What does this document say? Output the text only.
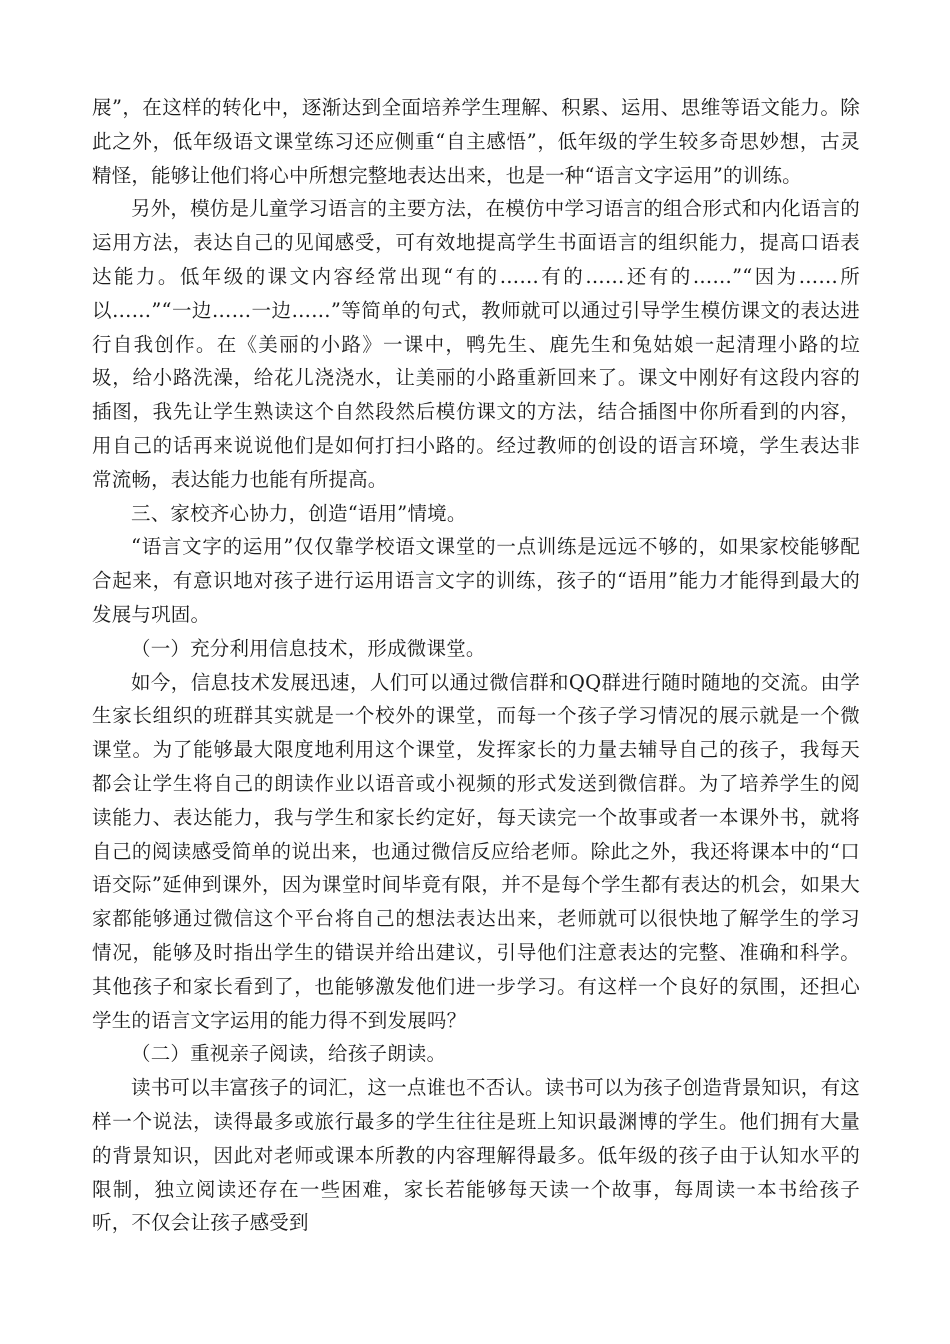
展”，在这样的转化中，逐渐达到全面培养学生理解、积累、运用、思维等语文能力。除此之外，低年级语文课堂练习还应侧重“自主感悟”，低年级的学生较多奇思妙想，古灵精怪，能够让他们将心中所想完整地表达出来，也是一种“语言文字运用”的训练。

另外，模仿是儿童学习语言的主要方法，在模仿中学习语言的组合形式和内化语言的运用方法，表达自己的见闻感受，可有效地提高学生书面语言的组织能力，提高口语表达能力。低年级的课文内容经常出现“有的……有的……还有的……”“因为……所以……”“一边……一边……”等简单的句式，教师就可以通过引导学生模仿课文的表达进行自我创作。在《美丽的小路》一课中，鸭先生、鹿先生和兔姑娘一起清理小路的垃圾，给小路洗澡，给花儿浇浇水，让美丽的小路重新回来了。课文中刚好有这段内容的插图，我先让学生熟读这个自然段然后模仿课文的方法，结合插图中你所看到的内容，用自己的话再来说说他们是如何打扫小路的。经过教师的创设的语言环境，学生表达非常流畅，表达能力也能有所提高。

三、家校齐心协力，创造“语用”情境。

“语言文字的运用”仅仅靠学校语文课堂的一点训练是远远不够的，如果家校能够配合起来，有意识地对孩子进行运用语言文字的训练，孩子的“语用”能力才能得到最大的发展与巩固。

（一）充分利用信息技术，形成微课堂。

如今，信息技术发展迅速，人们可以通过微信群和QQ群进行随时随地的交流。由学生家长组织的班群其实就是一个校外的课堂，而每一个孩子学习情况的展示就是一个微课堂。为了能够最大限度地利用这个课堂，发挥家长的力量去辅导自己的孩子，我每天都会让学生将自己的朗读作业以语音或小视频的形式发送到微信群。为了培养学生的阅读能力、表达能力，我与学生和家长约定好，每天读完一个故事或者一本课外书，就将自己的阅读感受简单的说出来，也通过微信反应给老师。除此之外，我还将课本中的“口语交际”延伸到课外，因为课堂时间毕竟有限，并不是每个学生都有表达的机会，如果大家都能够通过微信这个平台将自己的想法表达出来，老师就可以很快地了解学生的学习情况，能够及时指出学生的错误并给出建议，引导他们注意表达的完整、准确和科学。其他孩子和家长看到了，也能够激发他们进一步学习。有这样一个良好的氛围，还担心学生的语言文字运用的能力得不到发展吗？

（二）重视亲子阅读，给孩子朗读。

读书可以丰富孩子的词汇，这一点谁也不否认。读书可以为孩子创造背景知识，有这样一个说法，读得最多或旅行最多的学生往往是班上知识最渊博的学生。他们拥有大量的背景知识，因此对老师或课本所教的内容理解得最多。低年级的孩子由于认知水平的限制，独立阅读还存在一些困难，家长若能够每天读一个故事，每周读一本书给孩子听，不仅会让孩子感受到
